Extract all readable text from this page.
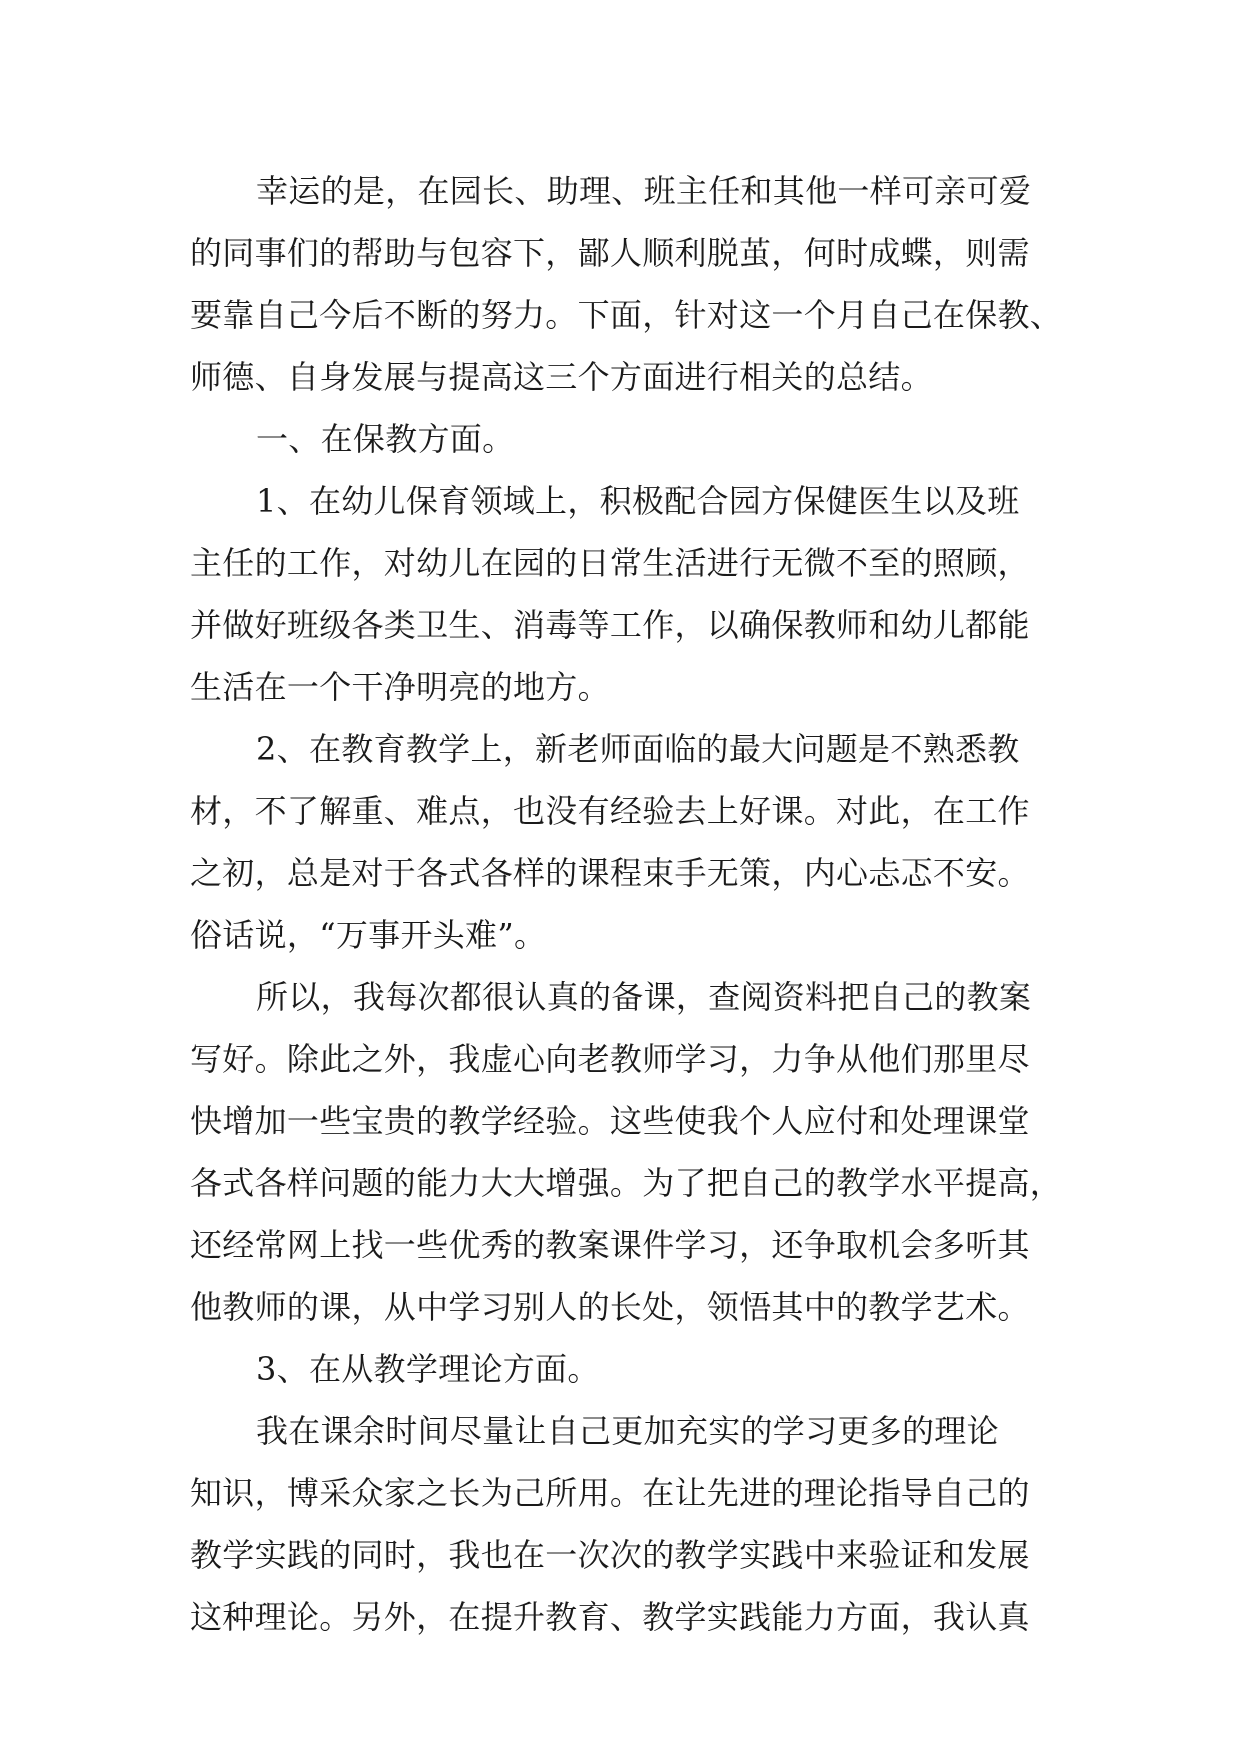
幸运的是，在园长、助理、班主任和其他一样可亲可爱
的同事们的帮助与包容下，鄙人顺利脱茧，何时成蝶，则需
要靠自己今后不断的努力。下面，针对这一个月自己在保教、
师德、自身发展与提高这三个方面进行相关的总结。
一、在保教方面。
1、在幼儿保育领域上，积极配合园方保健医生以及班
主任的工作，对幼儿在园的日常生活进行无微不至的照顾，
并做好班级各类卫生、消毒等工作，以确保教师和幼儿都能
生活在一个干净明亮的地方。
2、在教育教学上，新老师面临的最大问题是不熟悉教
材，不了解重、难点，也没有经验去上好课。对此，在工作
之初，总是对于各式各样的课程束手无策，内心忐忑不安。
俗话说，“万事开头难”。
所以，我每次都很认真的备课，查阅资料把自己的教案
写好。除此之外，我虚心向老教师学习，力争从他们那里尽
快增加一些宝贵的教学经验。这些使我个人应付和处理课堂
各式各样问题的能力大大增强。为了把自己的教学水平提高，
还经常网上找一些优秀的教案课件学习，还争取机会多听其
他教师的课，从中学习别人的长处，领悟其中的教学艺术。
3、在从教学理论方面。
我在课余时间尽量让自己更加充实的学习更多的理论
知识，博采众家之长为己所用。在让先进的理论指导自己的
教学实践的同时，我也在一次次的教学实践中来验证和发展
这种理论。另外，在提升教育、教学实践能力方面，我认真
